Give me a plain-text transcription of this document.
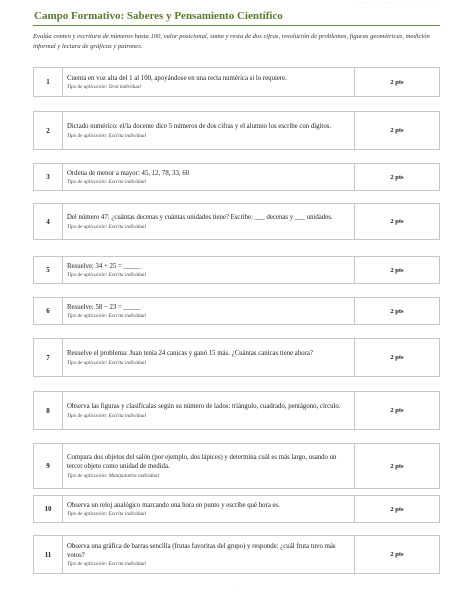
· · · · · · · · · · · · · · · · · · · · · · ·
Campo Formativo: Saberes y Pensamiento Científico
Evalúa conteo y escritura de números hasta 100, valor posicional, suma y resta de dos cifras, resolución de problemas, figuras geométricas, medición informal y lectura de gráficas y patrones.
1	Cuenta en voz alta del 1 al 100, apoyándose en una recta numérica si lo requiere.
Tipo de aplicación: Oral individual
2 pts
2	Dictado numérico: el/la docente dice 5 números de dos cifras y el alumno los escribe con dígitos.
Tipo de aplicación: Escrita individual
2 pts
3	Ordena de menor a mayor: 45, 12, 78, 33, 60
Tipo de aplicación: Escrita individual
2 pts
4	Del número 47: ¿cuántas decenas y cuántas unidades tiene? Escribe: ___ decenas y ___ unidades.
Tipo de aplicación: Escrita individual
2 pts
5	Resuelve: 34 + 25 = _____
Tipo de aplicación: Escrita individual
2 pts
6	Resuelve: 58 − 23 = _____
Tipo de aplicación: Escrita individual
2 pts
7	Resuelve el problema: Juan tenía 24 canicas y ganó 15 más. ¿Cuántas canicas tiene ahora?
Tipo de aplicación: Escrita individual
2 pts
8	Observa las figuras y clasifícalas según su número de lados: triángulo, cuadrado, pentágono, círculo.
Tipo de aplicación: Escrita individual
2 pts
9
Compara dos objetos del salón (por ejemplo, dos lápices) y determina cuál es más largo, usando un tercer objeto como unidad de medida.
Tipo de aplicación: Manipulativa individual
2 pts
10	Observa un reloj analógico marcando una hora en punto y escribe qué hora es.
Tipo de aplicación: Escrita individual
2 pts
11
Observa una gráfica de barras sencilla (frutas favoritas del grupo) y responde: ¿cuál fruta tuvo más votos?
Tipo de aplicación: Escrita individual
2 pts
·
